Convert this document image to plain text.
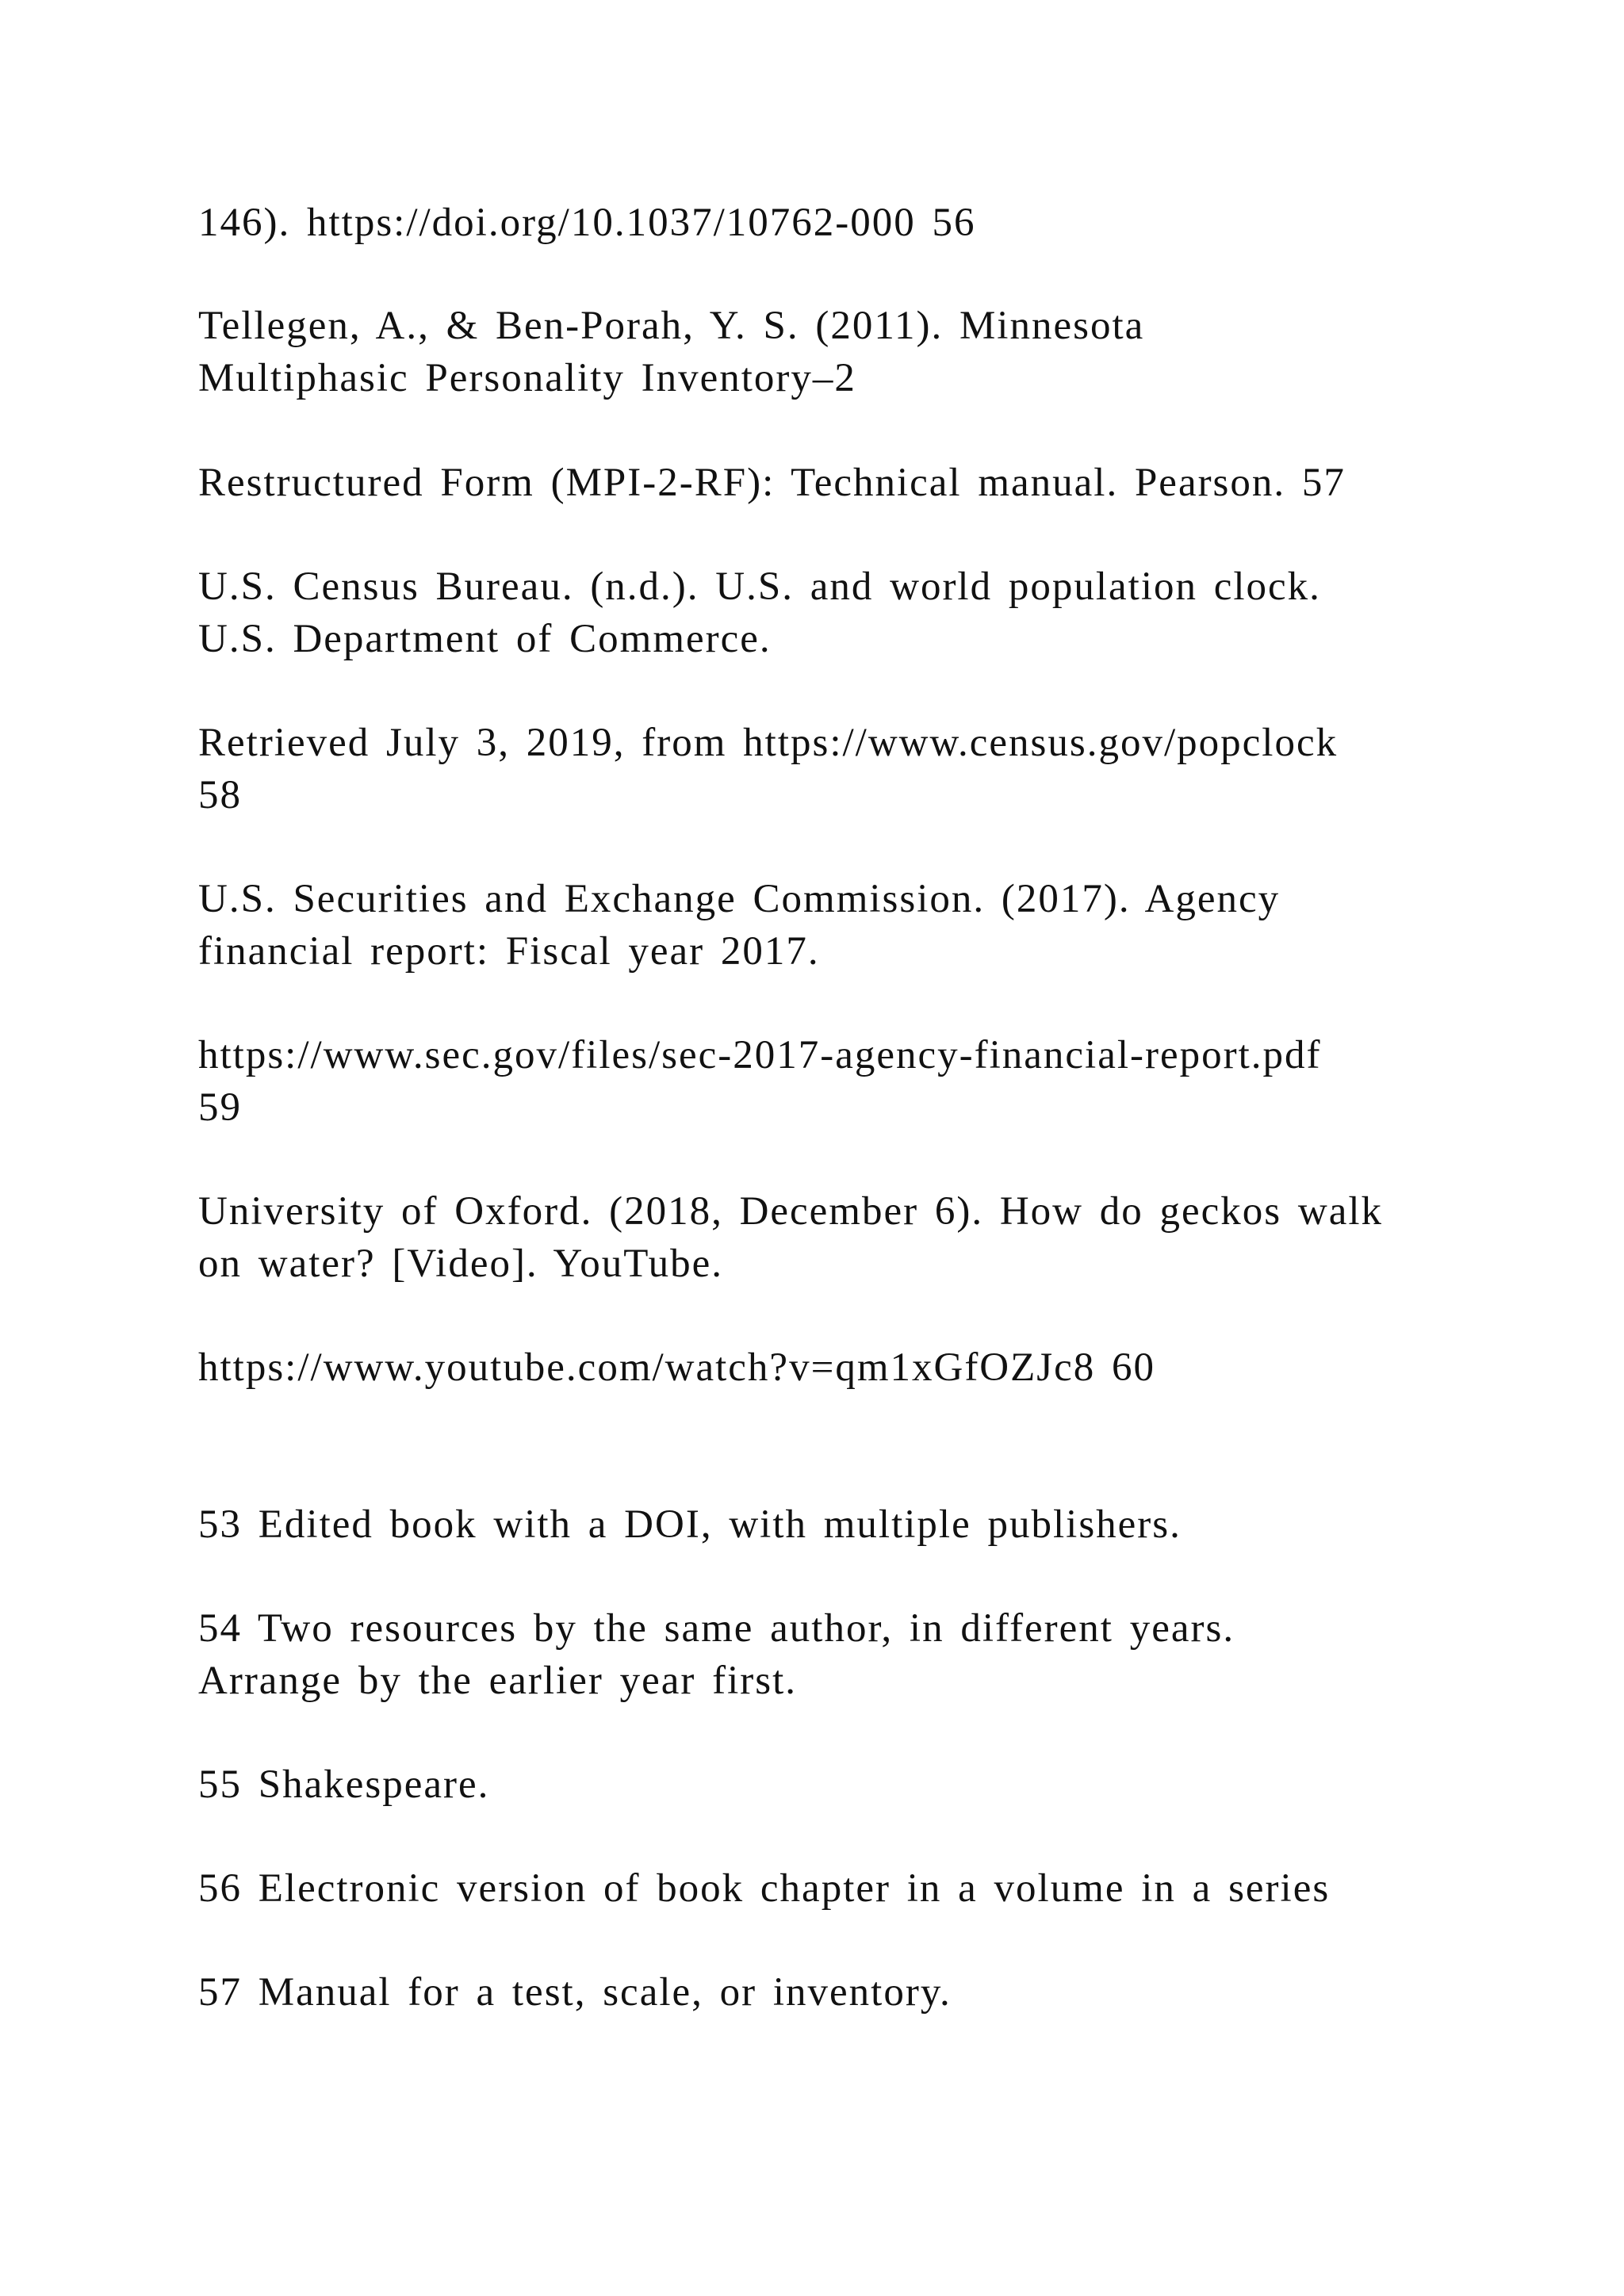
146). https://doi.org/10.1037/10762-000 56
Tellegen, A., & Ben-Porah, Y. S. (2011). Minnesota
Multiphasic Personality Inventory–2
Restructured Form (MPI-2-RF): Technical manual. Pearson. 57
U.S. Census Bureau. (n.d.). U.S. and world population clock.
U.S. Department of Commerce.
Retrieved July 3, 2019, from https://www.census.gov/popclock
58
U.S. Securities and Exchange Commission. (2017). Agency
financial report: Fiscal year 2017.
https://www.sec.gov/files/sec-2017-agency-financial-report.pdf
59
University of Oxford. (2018, December 6). How do geckos walk
on water? [Video]. YouTube.
https://www.youtube.com/watch?v=qm1xGfOZJc8 60
53 Edited book with a DOI, with multiple publishers.
54 Two resources by the same author, in different years.
Arrange by the earlier year first.
55 Shakespeare.
56 Electronic version of book chapter in a volume in a series
57 Manual for a test, scale, or inventory.
